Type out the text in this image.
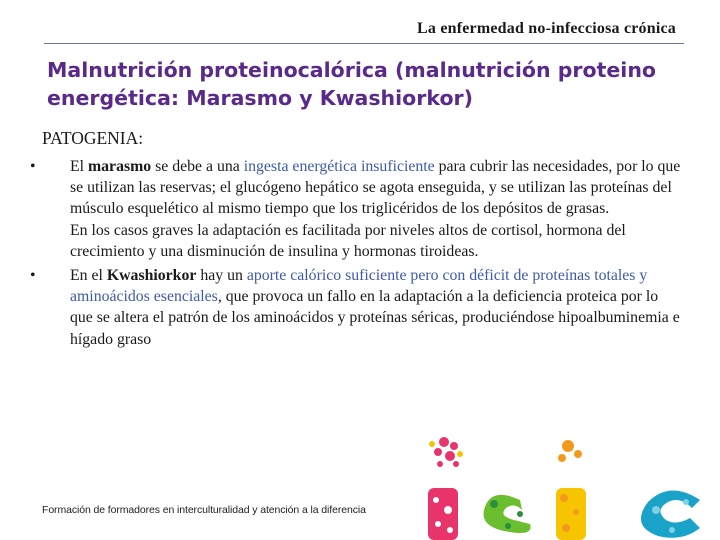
La enfermedad no-infecciosa crónica
Malnutrición proteinocalórica (malnutrición proteino energética: Marasmo y Kwashiorkor)
PATOGENIA:
• El marasmo se debe a una ingesta energética insuficiente para cubrir las necesidades, por lo que se utilizan las reservas; el glucógeno hepático se agota enseguida, y se utilizan las proteínas del músculo esquelético al mismo tiempo que los triglicéridos de los depósitos de grasas.
En los casos graves la adaptación es facilitada por niveles altos de cortisol, hormona del crecimiento y una disminución de insulina y hormonas tiroideas.
• En el Kwashiorkor hay un aporte calórico suficiente pero con déficit de proteínas totales y aminoácidos esenciales, que provoca un fallo en la adaptación a la deficiencia proteica por lo que se altera el patrón de los aminoácidos y proteínas séricas, produciéndose hipoalbuminemia e hígado graso
Formación de formadores en interculturalidad y atención a la diferencia
